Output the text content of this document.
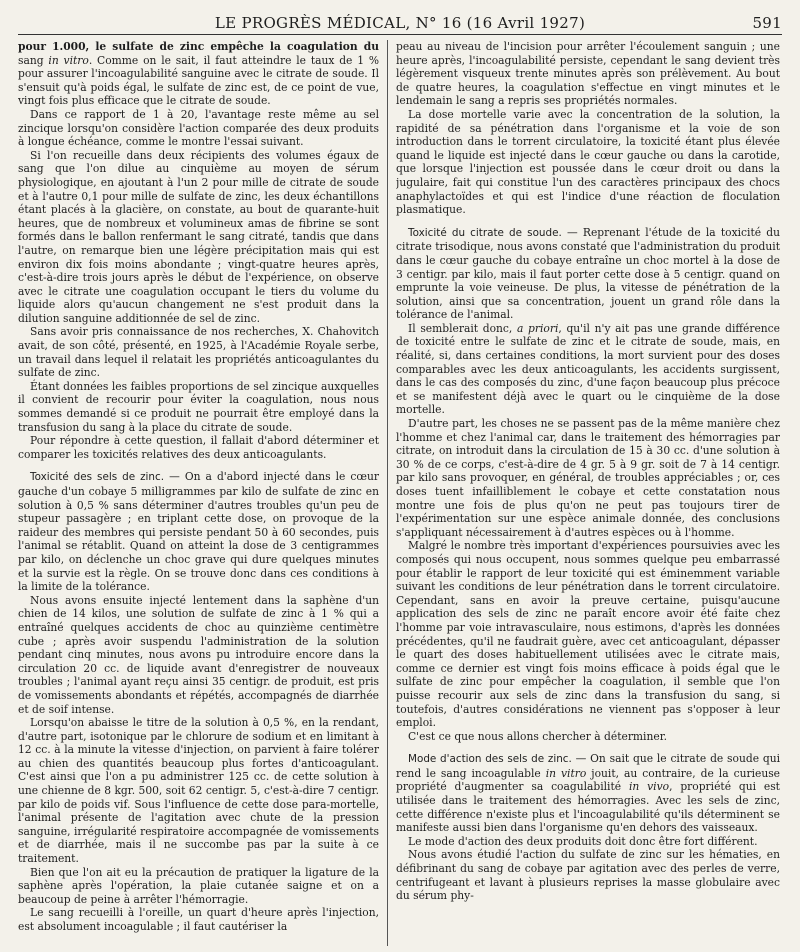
LE PROGRÈS MÉDICAL, N° 16 (16 Avril 1927)	591

pour 1.000, le sulfate de zinc empêche la coagulation du sang in vitro. Comme on le sait, il faut atteindre le taux de 1 % pour assurer l'incoagulabilité sanguine avec le citrate de soude. Il s'ensuit qu'à poids égal, le sulfate de zinc est, de ce point de vue, vingt fois plus efficace que le citrate de soude.

Dans ce rapport de 1 à 20, l'avantage reste même au sel zincique lorsqu'on considère l'action comparée des deux produits à longue échéance, comme le montre l'essai suivant.

Si l'on recueille dans deux récipients des volumes égaux de sang que l'on dilue au cinquième au moyen de sérum physiologique, en ajoutant à l'un 2 pour mille de citrate de soude et à l'autre 0,1 pour mille de sulfate de zinc, les deux échantillons étant placés à la glacière, on constate, au bout de quarante-huit heures, que de nombreux et volumineux amas de fibrine se sont formés dans le ballon renfermant le sang citraté, tandis que dans l'autre, on remarque bien une légère précipitation mais qui est environ dix fois moins abondante ; vingt-quatre heures après, c'est-à-dire trois jours après le début de l'expérience, on observe avec le citrate une coagulation occupant le tiers du volume du liquide alors qu'aucun changement ne s'est produit dans la dilution sanguine additionnée de sel de zinc.

Sans avoir pris connaissance de nos recherches, X. Chahovitch avait, de son côté, présenté, en 1925, à l'Académie Royale serbe, un travail dans lequel il relatait les propriétés anticoagulantes du sulfate de zinc.

Étant données les faibles proportions de sel zincique auxquelles il convient de recourir pour éviter la coagulation, nous nous sommes demandé si ce produit ne pourrait être employé dans la transfusion du sang à la place du citrate de soude.

Pour répondre à cette question, il fallait d'abord déterminer et comparer les toxicités relatives des deux anticoagulants.

Toxicité des sels de zinc. — On a d'abord injecté dans le cœur gauche d'un cobaye 5 milligrammes par kilo de sulfate de zinc en solution à 0,5 % sans déterminer d'autres troubles qu'un peu de stupeur passagère ; en triplant cette dose, on provoque de la raideur des membres qui persiste pendant 50 à 60 secondes, puis l'animal se rétablit. Quand on atteint la dose de 3 centigrammes par kilo, on déclenche un choc grave qui dure quelques minutes et la survie est la règle. On se trouve donc dans ces conditions à la limite de la tolérance.

Nous avons ensuite injecté lentement dans la saphène d'un chien de 14 kilos, une solution de sulfate de zinc à 1 % qui a entraîné quelques accidents de choc au quinzième centimètre cube ; après avoir suspendu l'administration de la solution pendant cinq minutes, nous avons pu introduire encore dans la circulation 20 cc. de liquide avant d'enregistrer de nouveaux troubles ; l'animal ayant reçu ainsi 35 centigr. de produit, est pris de vomissements abondants et répétés, accompagnés de diarrhée et de soif intense.

Lorsqu'on abaisse le titre de la solution à 0,5 %, en la rendant, d'autre part, isotonique par le chlorure de sodium et en limitant à 12 cc. à la minute la vitesse d'injection, on parvient à faire tolérer au chien des quantités beaucoup plus fortes d'anticoagulant. C'est ainsi que l'on a pu administrer 125 cc. de cette solution à une chienne de 8 kgr. 500, soit 62 centigr. 5, c'est-à-dire 7 centigr. par kilo de poids vif. Sous l'influence de cette dose para-mortelle, l'animal présente de l'agitation avec chute de la pression sanguine, irrégularité respiratoire accompagnée de vomissements et de diarrhée, mais il ne succombe pas par la suite à ce traitement.

Bien que l'on ait eu la précaution de pratiquer la ligature de la saphène après l'opération, la plaie cutanée saigne et on a beaucoup de peine à arrêter l'hémorragie.

Le sang recueilli à l'oreille, un quart d'heure après l'injection, est absolument incoagulable ; il faut cautériser la

peau au niveau de l'incision pour arrêter l'écoulement sanguin ; une heure après, l'incoagulabilité persiste, cependant le sang devient très légèrement visqueux trente minutes après son prélèvement. Au bout de quatre heures, la coagulation s'effectue en vingt minutes et le lendemain le sang a repris ses propriétés normales.

La dose mortelle varie avec la concentration de la solution, la rapidité de sa pénétration dans l'organisme et la voie de son introduction dans le torrent circulatoire, la toxicité étant plus élevée quand le liquide est injecté dans le cœur gauche ou dans la carotide, que lorsque l'injection est poussée dans le cœur droit ou dans la jugulaire, fait qui constitue l'un des caractères principaux des chocs anaphylactoïdes et qui est l'indice d'une réaction de floculation plasmatique.

Toxicité du citrate de soude. — Reprenant l'étude de la toxicité du citrate trisodique, nous avons constaté que l'administration du produit dans le cœur gauche du cobaye entraîne un choc mortel à la dose de 3 centigr. par kilo, mais il faut porter cette dose à 5 centigr. quand on emprunte la voie veineuse. De plus, la vitesse de pénétration de la solution, ainsi que sa concentration, jouent un grand rôle dans la tolérance de l'animal.

Il semblerait donc, a priori, qu'il n'y ait pas une grande différence de toxicité entre le sulfate de zinc et le citrate de soude, mais, en réalité, si, dans certaines conditions, la mort survient pour des doses comparables avec les deux anticoagulants, les accidents surgissent, dans le cas des composés du zinc, d'une façon beaucoup plus précoce et se manifestent déjà avec le quart ou le cinquième de la dose mortelle.

D'autre part, les choses ne se passent pas de la même manière chez l'homme et chez l'animal car, dans le traitement des hémorragies par citrate, on introduit dans la circulation de 15 à 30 cc. d'une solution à 30 % de ce corps, c'est-à-dire de 4 gr. 5 à 9 gr. soit de 7 à 14 centigr. par kilo sans provoquer, en général, de troubles appréciables ; or, ces doses tuent infailliblement le cobaye et cette constatation nous montre une fois de plus qu'on ne peut pas toujours tirer de l'expérimentation sur une espèce animale donnée, des conclusions s'appliquant nécessairement à d'autres espèces ou à l'homme.

Malgré le nombre très important d'expériences poursuivies avec les composés qui nous occupent, nous sommes quelque peu embarrassé pour établir le rapport de leur toxicité qui est éminemment variable suivant les conditions de leur pénétration dans le torrent circulatoire. Cependant, sans en avoir la preuve certaine, puisqu'aucune application des sels de zinc ne paraît encore avoir été faite chez l'homme par voie intravasculaire, nous estimons, d'après les données précédentes, qu'il ne faudrait guère, avec cet anticoagulant, dépasser le quart des doses habituellement utilisées avec le citrate mais, comme ce dernier est vingt fois moins efficace à poids égal que le sulfate de zinc pour empêcher la coagulation, il semble que l'on puisse recourir aux sels de zinc dans la transfusion du sang, si toutefois, d'autres considérations ne viennent pas s'opposer à leur emploi.

C'est ce que nous allons chercher à déterminer.

Mode d'action des sels de zinc. — On sait que le citrate de soude qui rend le sang incoagulable in vitro jouit, au contraire, de la curieuse propriété d'augmenter sa coagulabilité in vivo, propriété qui est utilisée dans le traitement des hémorragies. Avec les sels de zinc, cette différence n'existe plus et l'incoagulabilité qu'ils déterminent se manifeste aussi bien dans l'organisme qu'en dehors des vaisseaux.

Le mode d'action des deux produits doit donc être fort différent.

Nous avons étudié l'action du sulfate de zinc sur les hématies, en défibrinant du sang de cobaye par agitation avec des perles de verre, centrifugeant et lavant à plusieurs reprises la masse globulaire avec du sérum phy-
